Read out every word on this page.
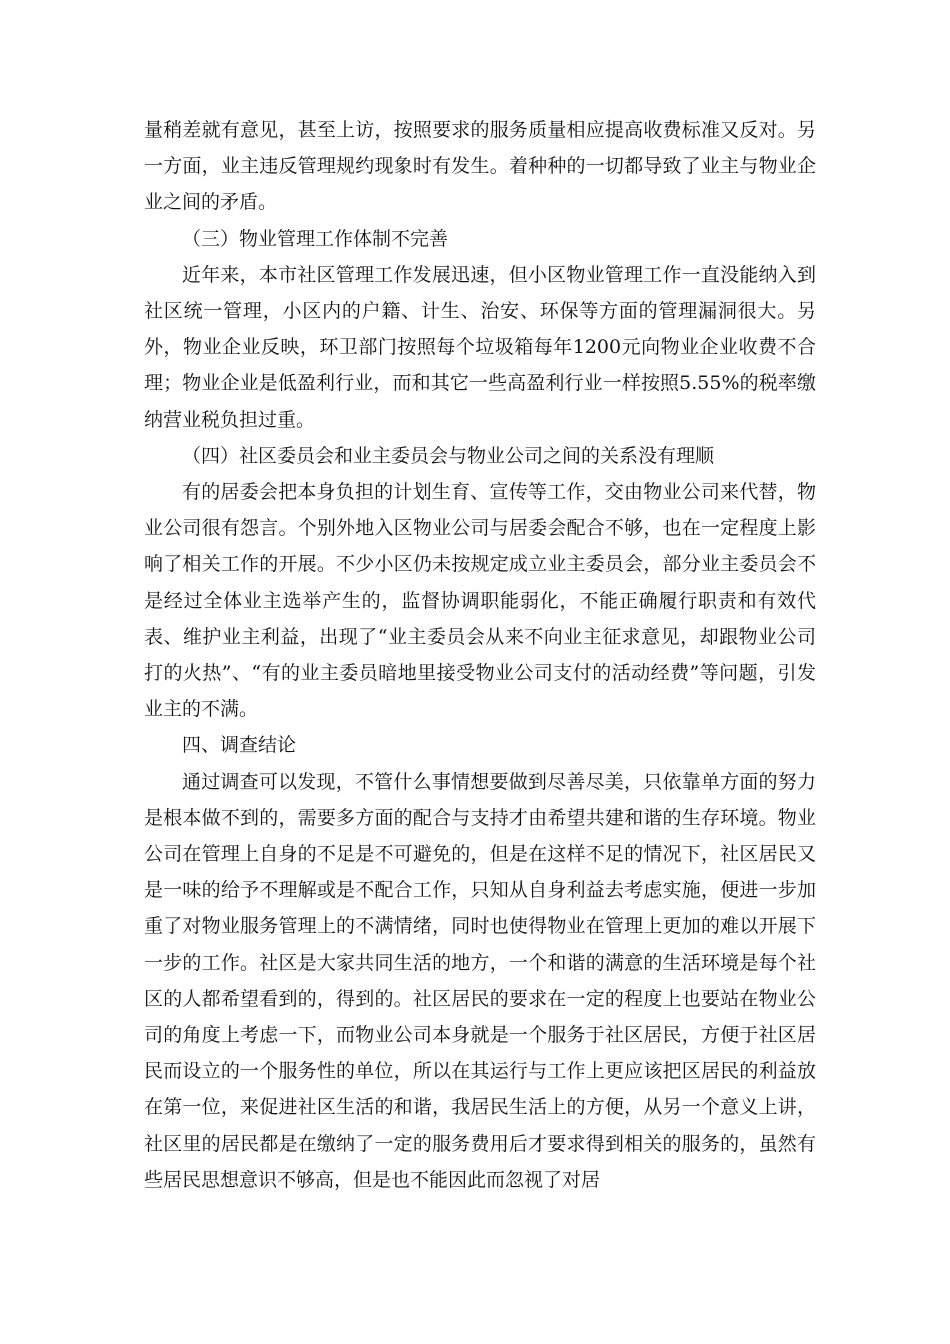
量稍差就有意见，甚至上访，按照要求的服务质量相应提高收费标准又反对。另一方面，业主违反管理规约现象时有发生。着种种的一切都导致了业主与物业企业之间的矛盾。

（三）物业管理工作体制不完善

近年来，本市社区管理工作发展迅速，但小区物业管理工作一直没能纳入到社区统一管理，小区内的户籍、计生、治安、环保等方面的管理漏洞很大。另外，物业企业反映，环卫部门按照每个垃圾箱每年1200元向物业企业收费不合理；物业企业是低盈利行业，而和其它一些高盈利行业一样按照5.55%的税率缴纳营业税负担过重。

（四）社区委员会和业主委员会与物业公司之间的关系没有理顺

有的居委会把本身负担的计划生育、宣传等工作，交由物业公司来代替，物业公司很有怨言。个别外地入区物业公司与居委会配合不够，也在一定程度上影响了相关工作的开展。不少小区仍未按规定成立业主委员会，部分业主委员会不是经过全体业主选举产生的，监督协调职能弱化，不能正确履行职责和有效代表、维护业主利益，出现了“业主委员会从来不向业主征求意见，却跟物业公司打的火热”、“有的业主委员暗地里接受物业公司支付的活动经费”等问题，引发业主的不满。

四、调查结论

通过调查可以发现，不管什么事情想要做到尽善尽美，只依靠单方面的努力是根本做不到的，需要多方面的配合与支持才由希望共建和谐的生存环境。物业公司在管理上自身的不足是不可避免的，但是在这样不足的情况下，社区居民又是一味的给予不理解或是不配合工作，只知从自身利益去考虑实施，便进一步加重了对物业服务管理上的不满情绪，同时也使得物业在管理上更加的难以开展下一步的工作。社区是大家共同生活的地方，一个和谐的满意的生活环境是每个社区的人都希望看到的，得到的。社区居民的要求在一定的程度上也要站在物业公司的角度上考虑一下，而物业公司本身就是一个服务于社区居民，方便于社区居民而设立的一个服务性的单位，所以在其运行与工作上更应该把区居民的利益放在第一位，来促进社区生活的和谐，我居民生活上的方便，从另一个意义上讲，社区里的居民都是在缴纳了一定的服务费用后才要求得到相关的服务的，虽然有些居民思想意识不够高，但是也不能因此而忽视了对居
